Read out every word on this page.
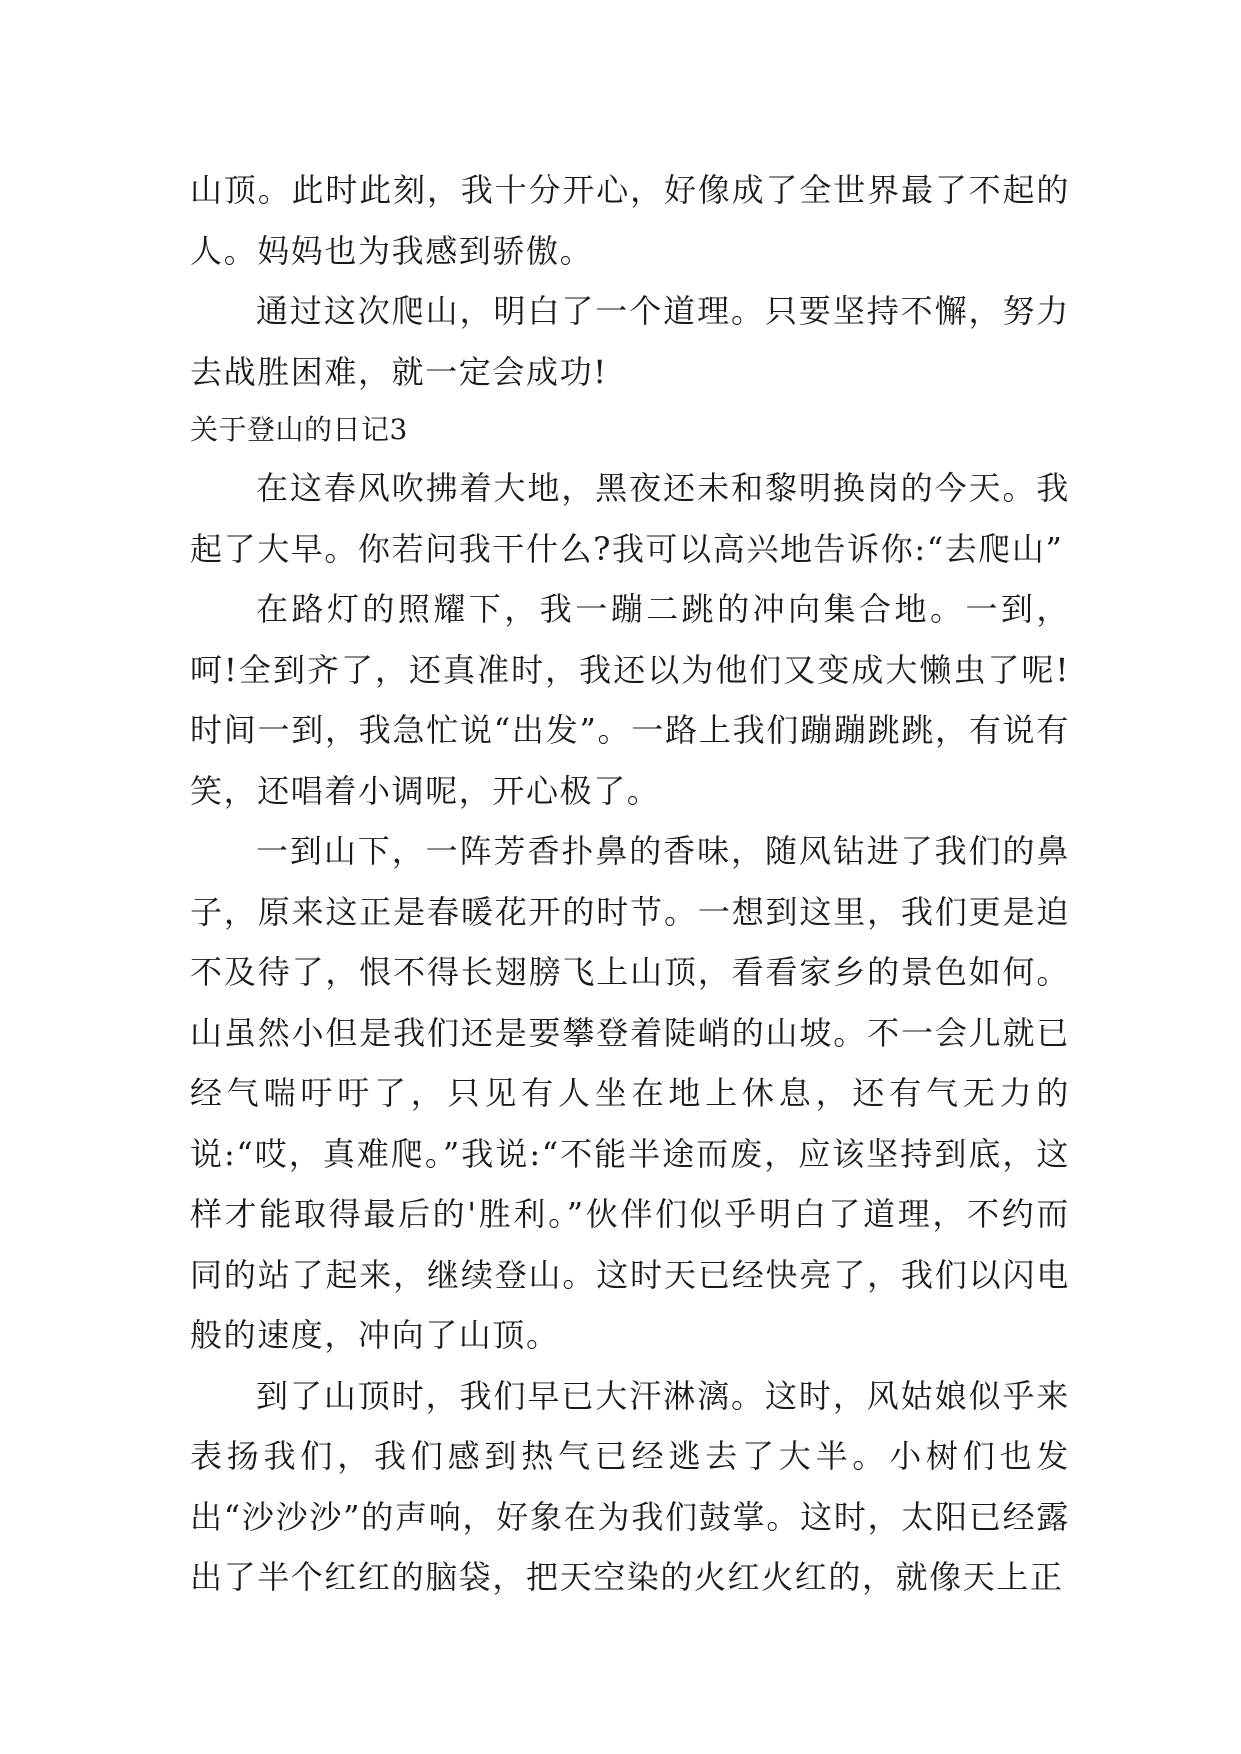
山顶。此时此刻，我十分开心，好像成了全世界最了不起的人。妈妈也为我感到骄傲。

通过这次爬山，明白了一个道理。只要坚持不懈，努力去战胜困难，就一定会成功!

关于登山的日记3

在这春风吹拂着大地，黑夜还未和黎明换岗的今天。我起了大早。你若问我干什么?我可以高兴地告诉你:“去爬山”

在路灯的照耀下，我一蹦二跳的冲向集合地。一到，呵!全到齐了，还真准时，我还以为他们又变成大懒虫了呢!时间一到，我急忙说“出发”。一路上我们蹦蹦跳跳，有说有笑，还唱着小调呢，开心极了。

一到山下，一阵芳香扑鼻的香味，随风钻进了我们的鼻子，原来这正是春暖花开的时节。一想到这里，我们更是迫不及待了，恨不得长翅膀飞上山顶，看看家乡的景色如何。山虽然小但是我们还是要攀登着陡峭的山坡。不一会儿就已经气喘吁吁了，只见有人坐在地上休息，还有气无力的说:“哎，真难爬。”我说:“不能半途而废，应该坚持到底，这样才能取得最后的'胜利。”伙伴们似乎明白了道理，不约而同的站了起来，继续登山。这时天已经快亮了，我们以闪电般的速度，冲向了山顶。

到了山顶时，我们早已大汗淋漓。这时，风姑娘似乎来表扬我们，我们感到热气已经逃去了大半。小树们也发出“沙沙沙”的声响，好象在为我们鼓掌。这时，太阳已经露出了半个红红的脑袋，把天空染的火红火红的，就像天上正
